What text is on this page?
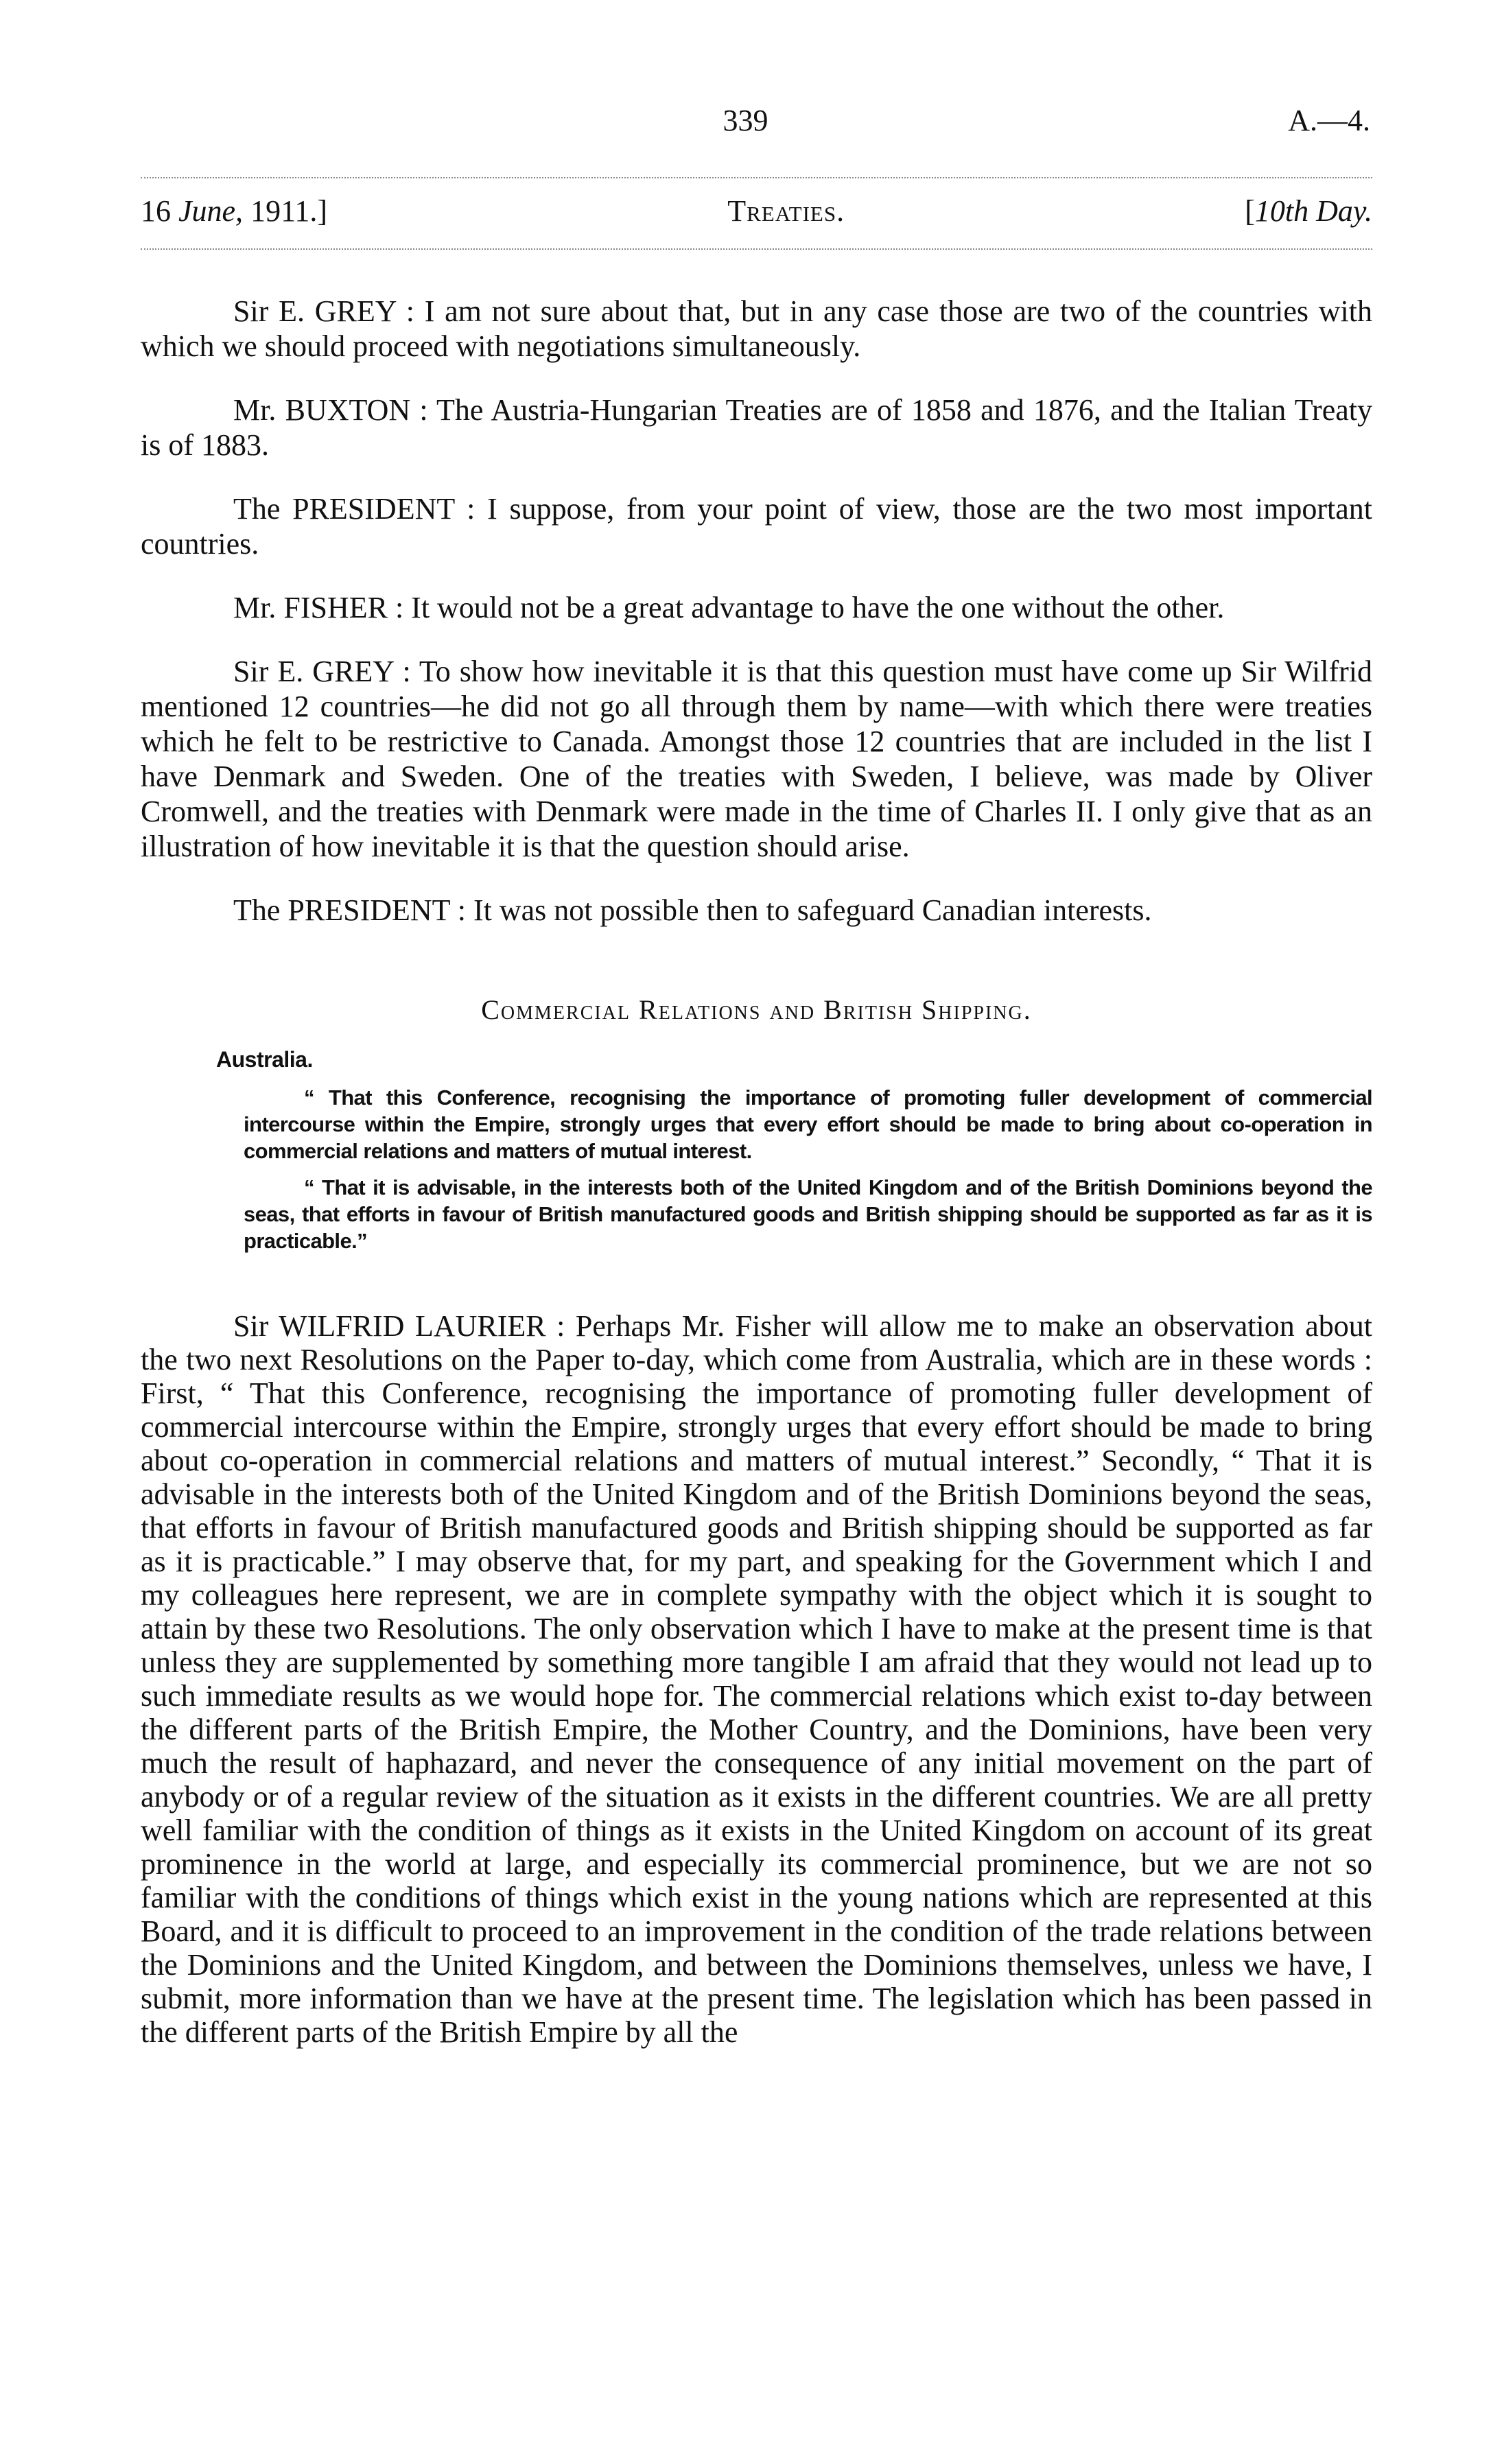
339	A.—4.
16 June, 1911.]	Treaties.	[10th Day.

Sir E. GREY : I am not sure about that, but in any case those are two of the countries with which we should proceed with negotiations simultaneously.

Mr. BUXTON : The Austria-Hungarian Treaties are of 1858 and 1876, and the Italian Treaty is of 1883.

The PRESIDENT : I suppose, from your point of view, those are the two most important countries.

Mr. FISHER : It would not be a great advantage to have the one without the other.

Sir E. GREY : To show how inevitable it is that this question must have come up Sir Wilfrid mentioned 12 countries—he did not go all through them by name—with which there were treaties which he felt to be restrictive to Canada. Amongst those 12 countries that are included in the list I have Denmark and Sweden. One of the treaties with Sweden, I believe, was made by Oliver Cromwell, and the treaties with Denmark were made in the time of Charles II. I only give that as an illustration of how inevitable it is that the question should arise.

The PRESIDENT : It was not possible then to safeguard Canadian interests.

Commercial Relations and British Shipping.
Australia.
“ That this Conference, recognising the importance of promoting fuller development of commercial intercourse within the Empire, strongly urges that every effort should be made to bring about co-operation in commercial relations and matters of mutual interest.
“ That it is advisable, in the interests both of the United Kingdom and of the British Dominions beyond the seas, that efforts in favour of British manufactured goods and British shipping should be supported as far as it is practicable.”

Sir WILFRID LAURIER : Perhaps Mr. Fisher will allow me to make an observation about the two next Resolutions on the Paper to-day, which come from Australia, which are in these words : First, “ That this Conference, recognising the importance of promoting fuller development of commercial intercourse within the Empire, strongly urges that every effort should be made to bring about co-operation in commercial relations and matters of mutual interest.” Secondly, “ That it is advisable in the interests both of the United Kingdom and of the British Dominions beyond the seas, that efforts in favour of British manufactured goods and British shipping should be supported as far as it is practicable.” I may observe that, for my part, and speaking for the Government which I and my colleagues here represent, we are in complete sympathy with the object which it is sought to attain by these two Resolutions. The only observation which I have to make at the present time is that unless they are supplemented by something more tangible I am afraid that they would not lead up to such immediate results as we would hope for. The commercial relations which exist to-day between the different parts of the British Empire, the Mother Country, and the Dominions, have been very much the result of haphazard, and never the consequence of any initial movement on the part of anybody or of a regular review of the situation as it exists in the different countries. We are all pretty well familiar with the condition of things as it exists in the United Kingdom on account of its great prominence in the world at large, and especially its commercial prominence, but we are not so familiar with the conditions of things which exist in the young nations which are represented at this Board, and it is difficult to proceed to an improvement in the condition of the trade relations between the Dominions and the United Kingdom, and between the Dominions themselves, unless we have, I submit, more information than we have at the present time. The legislation which has been passed in the different parts of the British Empire by all the
